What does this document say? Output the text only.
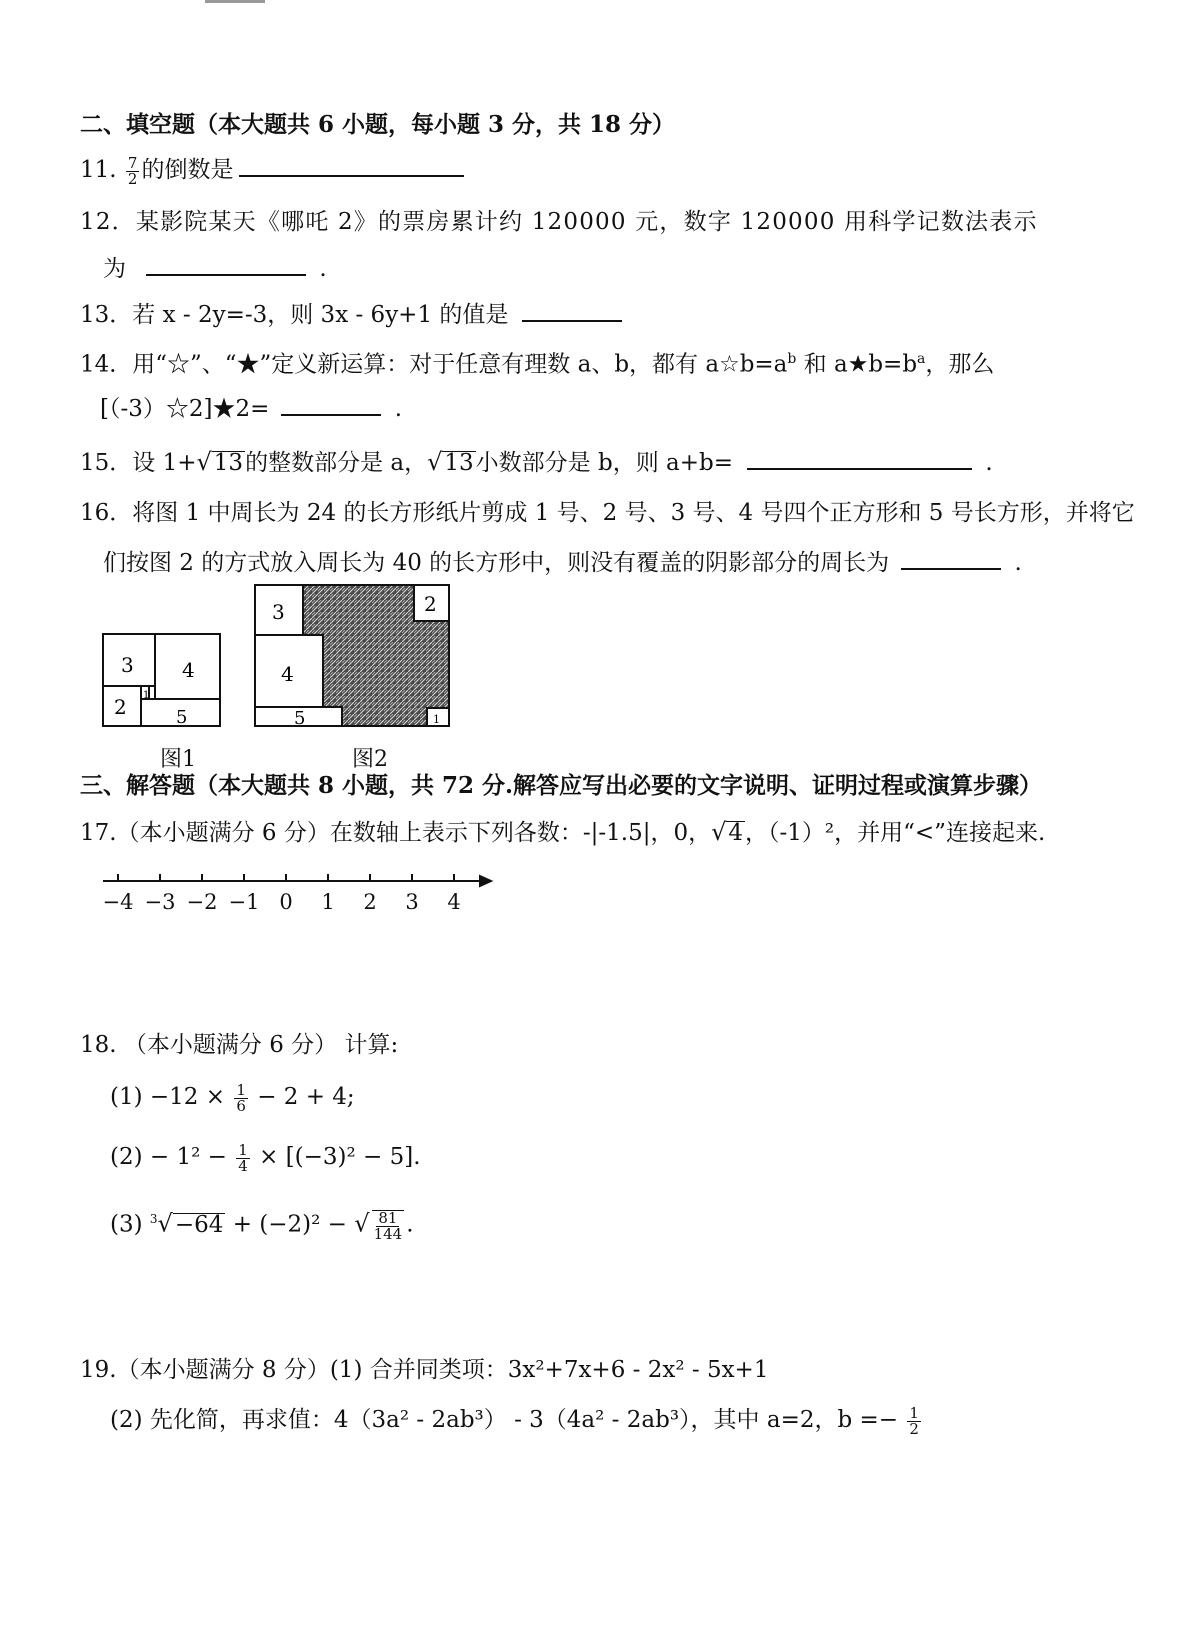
二、填空题（本大题共 6 小题，每小题 3 分，共 18 分）
11. $\frac{7}{2}$ 的倒数是
12．某影院某天《哪吒 2》的票房累计约 120000 元，数字 120000 用科学记数法表示
为	.
13．若 x - 2y=-3，则 3x - 6y+1 的值是
14．用“☆”、“★”定义新运算：对于任意有理数 a、b，都有 $a☆b=a^b$ 和 $a★b=b^a$，那么
[（-3）☆2]★2=	.
15．设 1+√13的整数部分是 a，√13小数部分是 b，则 a+b=	.
16．将图 1 中周长为 24 的长方形纸片剪成 1 号、2 号、3 号、4 号四个正方形和 5 号长方形，并将它
们按图 2 的方式放入周长为 40 的长方形中，则没有覆盖的阴影部分的周长为	.
3 4
2	5
1
3
4
2
5	1
图1	图2
三、解答题（本大题共 8 小题，共 72 分.解答应写出必要的文字说明、证明过程或演算步骤）
17.（本小题满分 6 分）在数轴上表示下列各数：-|-1.5|，0，√4，（-1）²，并用“<”连接起来.
−4 −3 −2 −1 0	1	2	3	4
18. （本小题满分 6 分） 计算:
$(1) -12 \times \frac{1}{6} - 2 + 4$;
$(2) - 1^2 - \frac{1}{4} \times [(-3)^2 - 5]$.
(3) $^3$√−64 + (−2)² − √ $\frac{81}{144}$ .
19.（本小题满分 8 分）(1) 合并同类项：3x²+7x+6 - 2x² - 5x+1
(2) 先化简，再求值：4（3a² - 2ab³） - 3（4a² - 2ab³），其中 a=2，$b =- \frac{1}{2}$
